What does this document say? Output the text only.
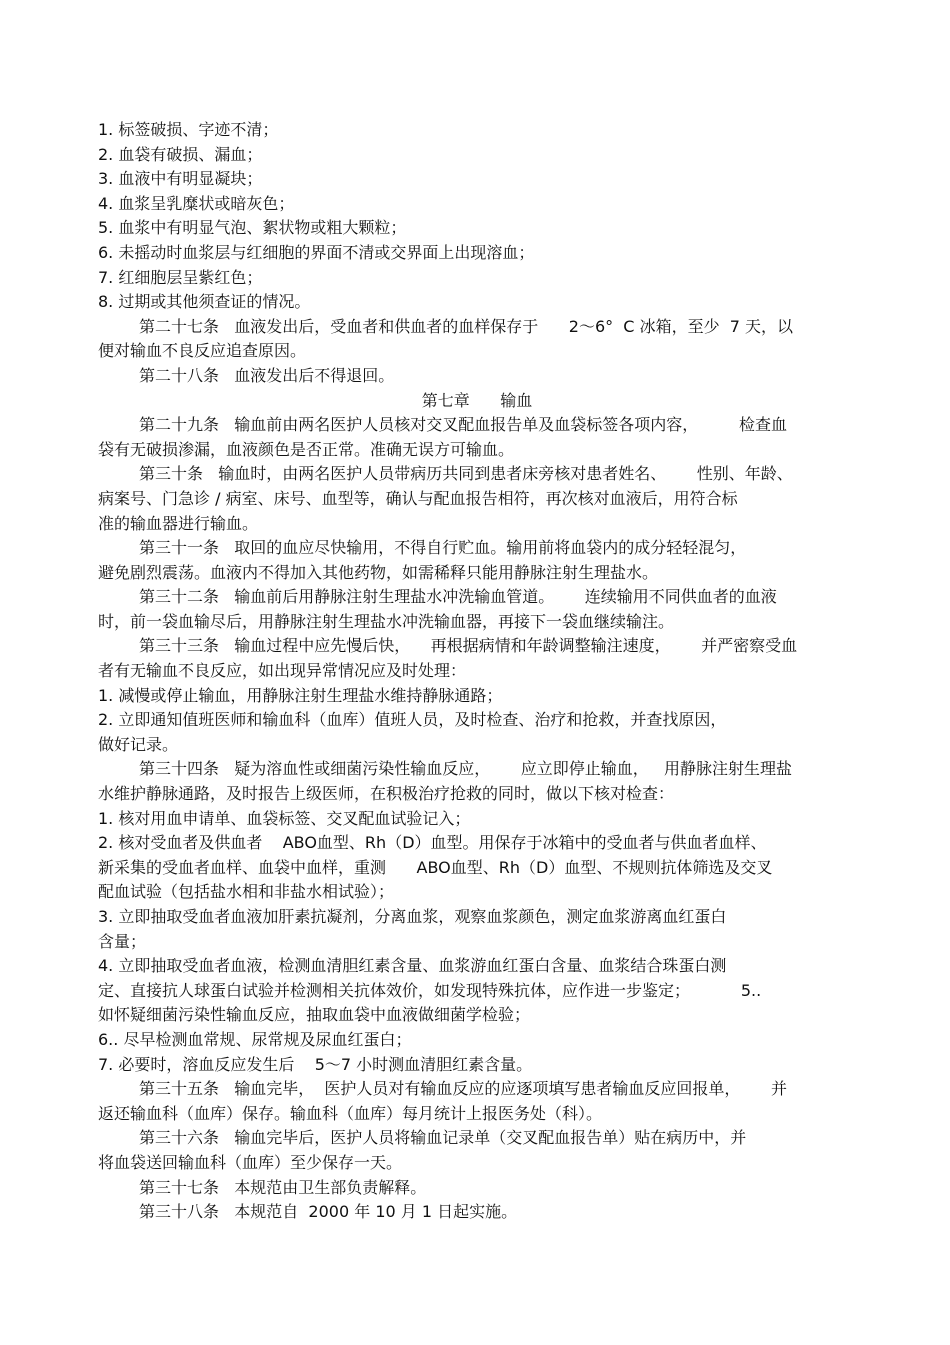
1. 标签破损、字迹不清；
2. 血袋有破损、漏血；
3. 血液中有明显凝块；
4. 血浆呈乳糜状或暗灰色；
5. 血浆中有明显气泡、絮状物或粗大颗粒；
6. 未摇动时血浆层与红细胞的界面不清或交界面上出现溶血；
7. 红细胞层呈紫红色；
8. 过期或其他须查证的情况。
第二十七条   血液发出后，受血者和供血者的血样保存于      2～6°  C 冰箱，至少  7 天，以
便对输血不良反应追查原因。
第二十八条   血液发出后不得退回。
第七章      输血
第二十九条   输血前由两名医护人员核对交叉配血报告单及血袋标签各项内容，        检查血
袋有无破损渗漏，血液颜色是否正常。准确无误方可输血。
第三十条   输血时，由两名医护人员带病历共同到患者床旁核对患者姓名、      性别、年龄、
病案号、门急诊 / 病室、床号、血型等，确认与配血报告相符，再次核对血液后，用符合标
准的输血器进行输血。
第三十一条   取回的血应尽快输用，不得自行贮血。输用前将血袋内的成分轻轻混匀，
避免剧烈震荡。血液内不得加入其他药物，如需稀释只能用静脉注射生理盐水。
第三十二条   输血前后用静脉注射生理盐水冲洗输血管道。      连续输用不同供血者的血液
时，前一袋血输尽后，用静脉注射生理盐水冲洗输血器，再接下一袋血继续输注。
第三十三条   输血过程中应先慢后快，    再根据病情和年龄调整输注速度，      并严密察受血
者有无输血不良反应，如出现异常情况应及时处理：
1. 减慢或停止输血，用静脉注射生理盐水维持静脉通路；
2. 立即通知值班医师和输血科（血库）值班人员，及时检查、治疗和抢救，并查找原因，
做好记录。
第三十四条   疑为溶血性或细菌污染性输血反应，      应立即停止输血，   用静脉注射生理盐
水维护静脉通路，及时报告上级医师，在积极治疗抢救的同时，做以下核对检查：
1. 核对用血申请单、血袋标签、交叉配血试验记入；
2. 核对受血者及供血者    ABO血型、Rh（D）血型。用保存于冰箱中的受血者与供血者血样、
新采集的受血者血样、血袋中血样，重测      ABO血型、Rh（D）血型、不规则抗体筛选及交叉
配血试验（包括盐水相和非盐水相试验）；
3. 立即抽取受血者血液加肝素抗凝剂，分离血浆，观察血浆颜色，测定血浆游离血红蛋白
含量；
4. 立即抽取受血者血液，检测血清胆红素含量、血浆游血红蛋白含量、血浆结合珠蛋白测
定、直接抗人球蛋白试验并检测相关抗体效价，如发现特殊抗体，应作进一步鉴定；          5..
如怀疑细菌污染性输血反应，抽取血袋中血液做细菌学检验；
6.. 尽早检测血常规、尿常规及尿血红蛋白；
7. 必要时，溶血反应发生后    5～7 小时测血清胆红素含量。
第三十五条   输血完毕，  医护人员对有输血反应的应逐项填写患者输血反应回报单，      并
返还输血科（血库）保存。输血科（血库）每月统计上报医务处（科）。
第三十六条   输血完毕后，医护人员将输血记录单（交叉配血报告单）贴在病历中，并
将血袋送回输血科（血库）至少保存一天。
第三十七条   本规范由卫生部负责解释。
第三十八条   本规范自  2000 年 10 月 1 日起实施。
